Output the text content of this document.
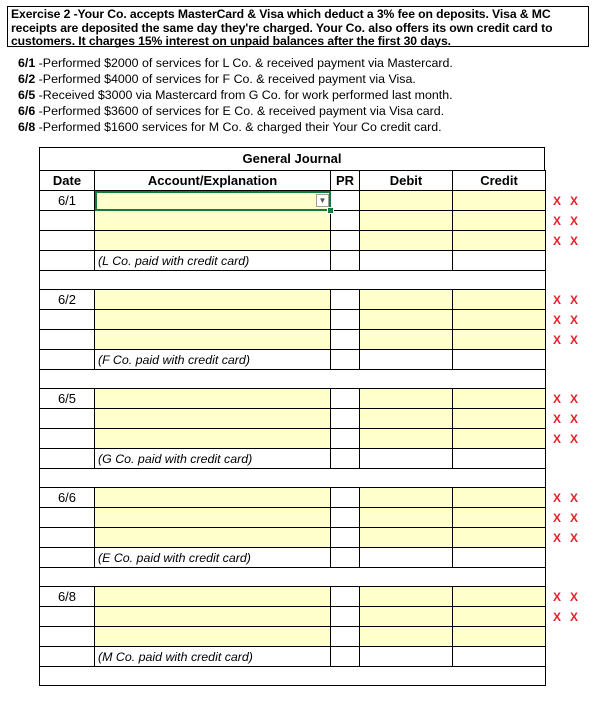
Exercise 2 -Your Co. accepts MasterCard & Visa which deduct a 3% fee on deposits. Visa & MC receipts are deposited the same day they're charged. Your Co. also offers its own credit card to customers. It charges 15% interest on unpaid balances after the first 30 days.
6/1 -Performed $2000 of services for L Co. & received payment via Mastercard.
6/2 -Performed $4000 of services for F Co. & received payment via Visa.
6/5 -Received $3000 via Mastercard from G Co. for work performed last month.
6/6 -Performed $3600 of services for E Co. & received payment via Visa card.
6/8 -Performed $1600 services for M Co. & charged their Your Co credit card.
General Journal
Date	Account/Explanation	PR	Debit	Credit
6/1	▼			

	(L Co. paid with credit card)			

6/2				

	(F Co. paid with credit card)			

6/5				

	(G Co. paid with credit card)			

6/6				

	(E Co. paid with credit card)			

6/8				

	(M Co. paid with credit card)			

XX
XX
XX
XX
XX
XX
XX
XX
XX
XX
XX
XX
XX
XX
